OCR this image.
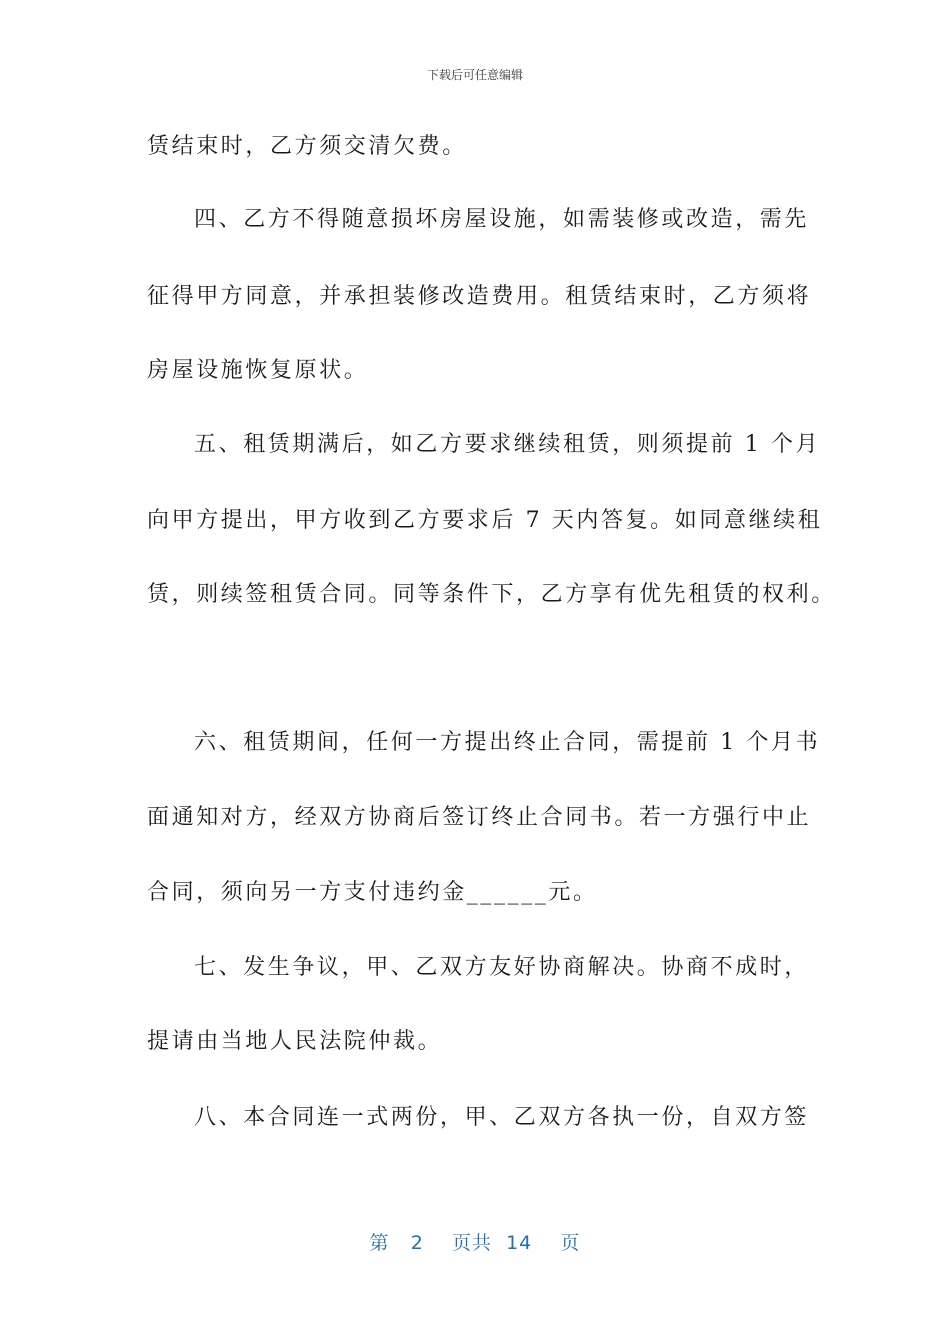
下载后可任意编辑
赁结束时，乙方须交清欠费。
四、乙方不得随意损坏房屋设施，如需装修或改造，需先
征得甲方同意，并承担装修改造费用。租赁结束时，乙方须将
房屋设施恢复原状。
五、租赁期满后，如乙方要求继续租赁，则须提前 1 个月
向甲方提出，甲方收到乙方要求后 7 天内答复。如同意继续租
赁，则续签租赁合同。同等条件下，乙方享有优先租赁的权利。
六、租赁期间，任何一方提出终止合同，需提前 1 个月书
面通知对方，经双方协商后签订终止合同书。若一方强行中止
合同，须向另一方支付违约金______元。
七、发生争议，甲、乙双方友好协商解决。协商不成时，
提请由当地人民法院仲裁。
八、本合同连一式两份，甲、乙双方各执一份，自双方签
第 2 页共 14 页
